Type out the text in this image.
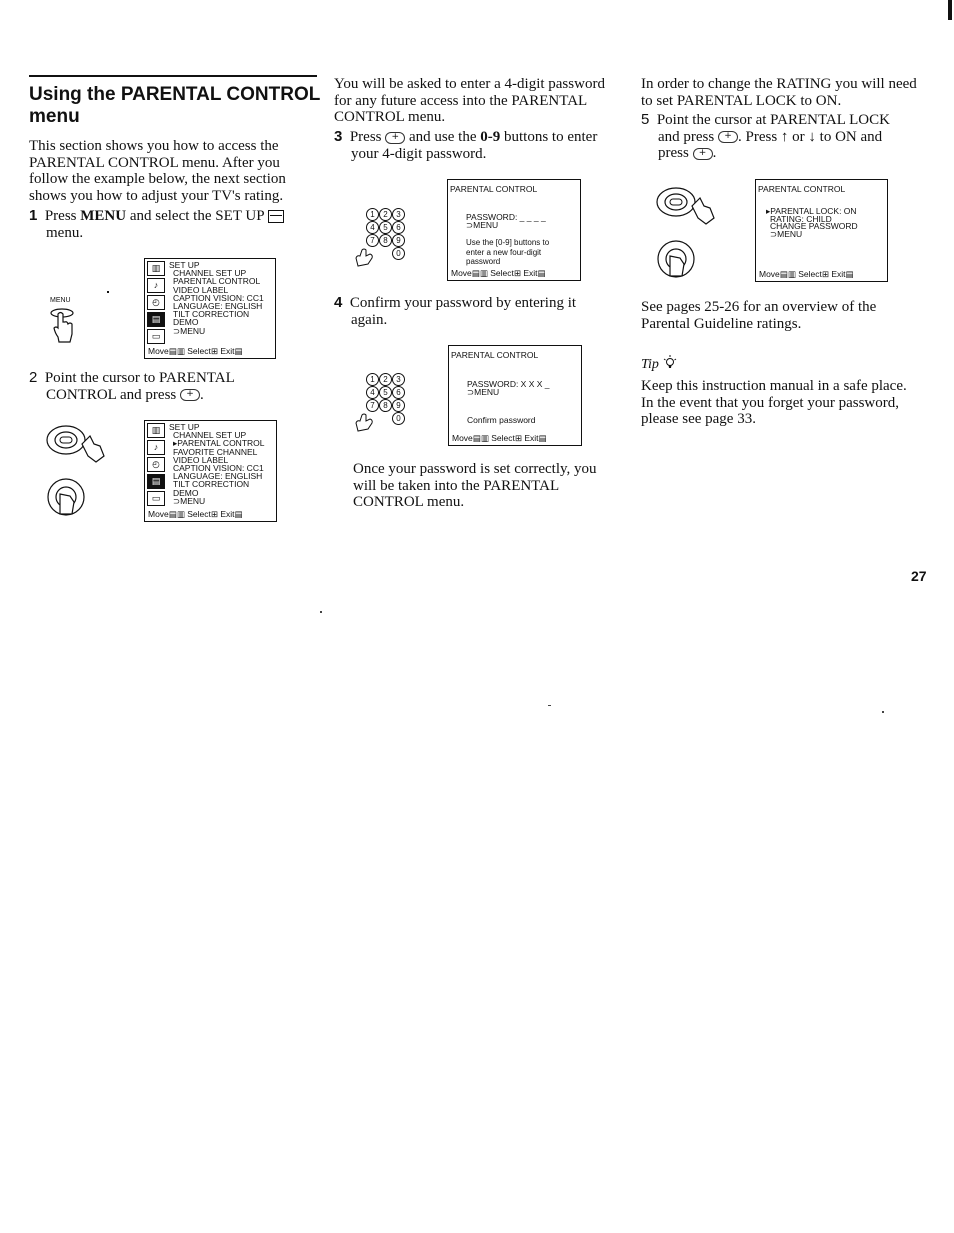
Using the PARENTAL CONTROL
menu
This section shows you how to access the PARENTAL CONTROL menu. After you follow the example below, the next section shows you how to adjust your TV's rating.
1 Press MENU and select the SET UP

menu.
MENU
▥
♪
◴
▤
▭
SET UP
CHANNEL SET UP
PARENTAL CONTROL
VIDEO LABEL
CAPTION VISION: CC1
LANGUAGE: ENGLISH
TILT CORRECTION
DEMO
⊃MENU
Move▤▥ Select⊞ Exit▤
2 Point the cursor to PARENTAL
CONTROL and press + .
▥
♪
◴
▤
▭
SET UP
CHANNEL SET UP
▸PARENTAL CONTROL
FAVORITE CHANNEL
VIDEO LABEL
CAPTION VISION: CC1
LANGUAGE: ENGLISH
TILT CORRECTION
DEMO
⊃MENU
Move▤▥ Select⊞ Exit▤
You will be asked to enter a 4-digit password for any future access into the PARENTAL CONTROL menu.
3 Press + and use the 0-9 buttons to enter
your 4-digit password.
1	2	3
4	5	6
7	8	9
0
PARENTAL CONTROL
PASSWORD: _ _ _ _
⊃MENU
Use the [0-9] buttons to enter a new four-digit password
Move▤▥ Select⊞ Exit▤
4 Confirm your password by entering it
again.
1	2	3
4	5	6
7	8	9
0
PARENTAL CONTROL
PASSWORD: X X X _
⊃MENU
Confirm password
Move▤▥ Select⊞ Exit▤
Once your password is set correctly, you will be taken into the PARENTAL CONTROL menu.
In order to change the RATING you will need to set PARENTAL LOCK to ON.
5 Point the cursor at PARENTAL LOCK
and press + . Press ↑ or ↓ to ON and
press + .
PARENTAL CONTROL
▸PARENTAL LOCK: ON
RATING: CHILD
CHANGE PASSWORD
⊃MENU
Move▤▥ Select⊞ Exit▤
See pages 25-26 for an overview of the Parental Guideline ratings.
Tip
Keep this instruction manual in a safe place. In the event that you forget your password, please see page 33.
27
